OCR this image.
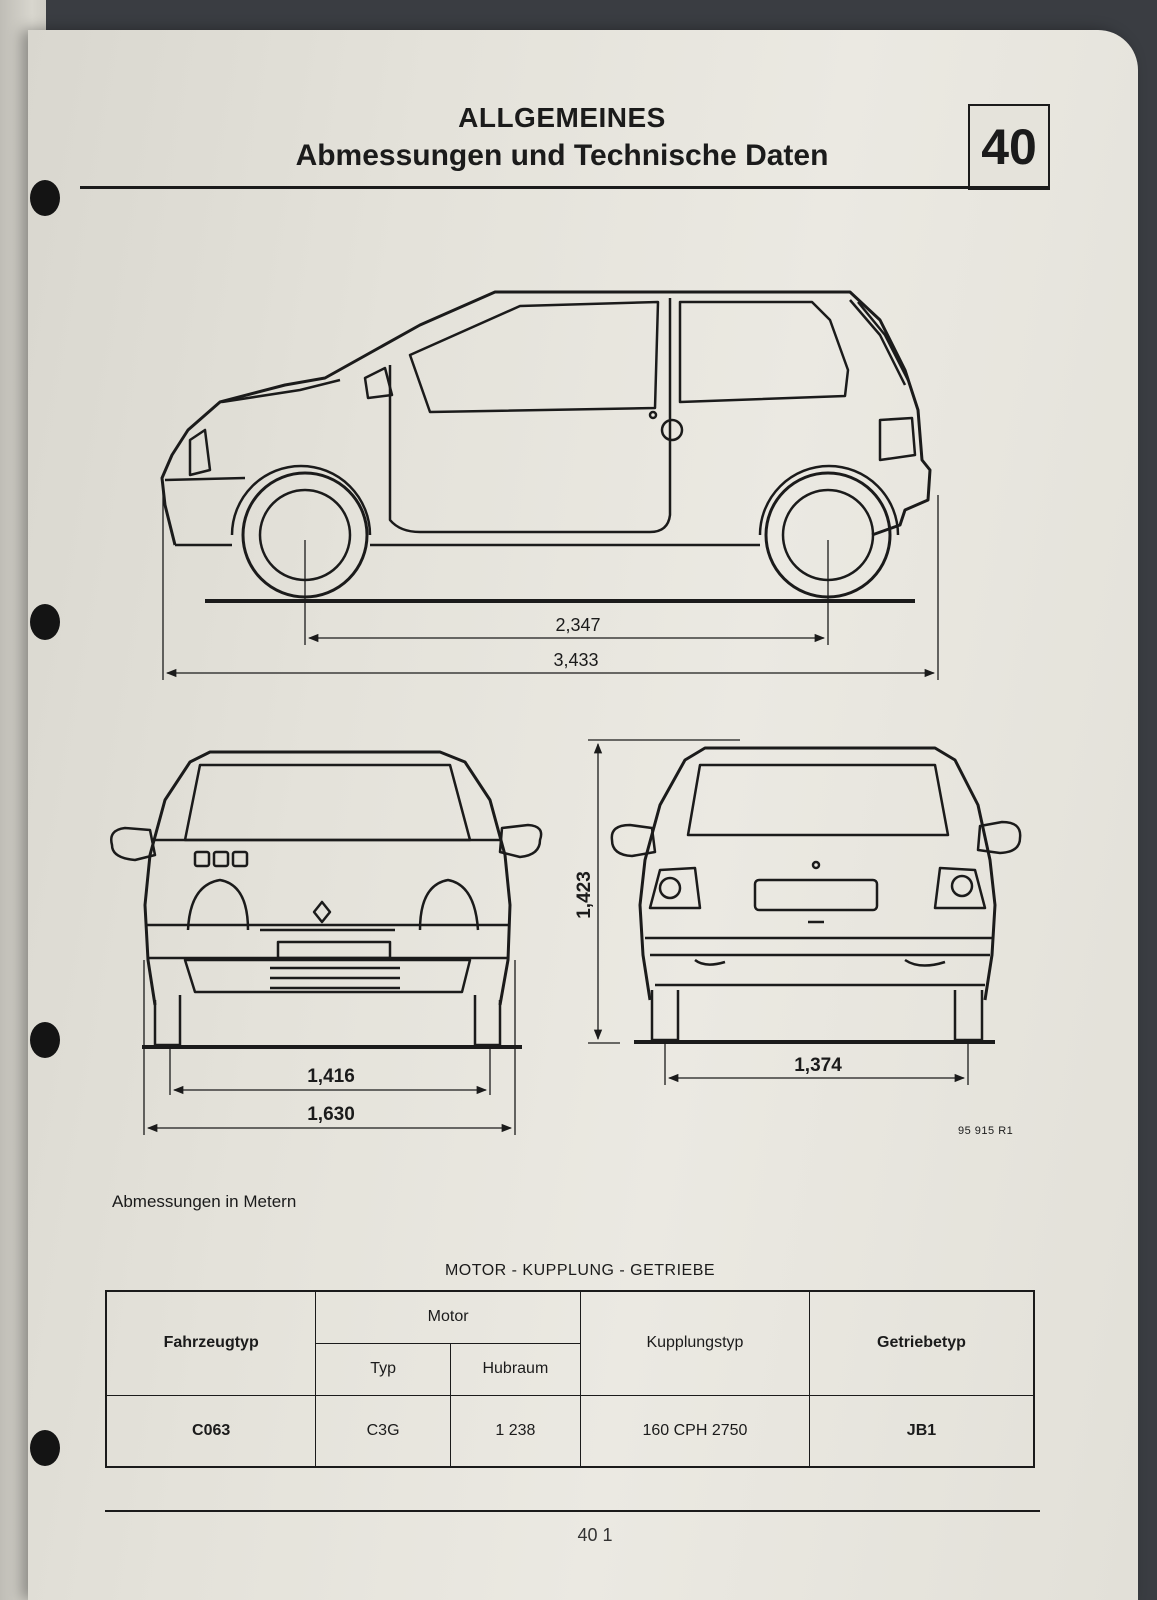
ALLGEMEINES
Abmessungen und Technische Daten	40
2,347
3,433
1,416
1,630
1,423
1,374
95 915 R1
Abmessungen in Metern
MOTOR - KUPPLUNG - GETRIEBE
Fahrzeugtyp	Motor		Kupplungstyp	Getriebetyp
	Typ	Hubraum		
C063	C3G	1 238	160 CPH 2750	JB1
40 1
